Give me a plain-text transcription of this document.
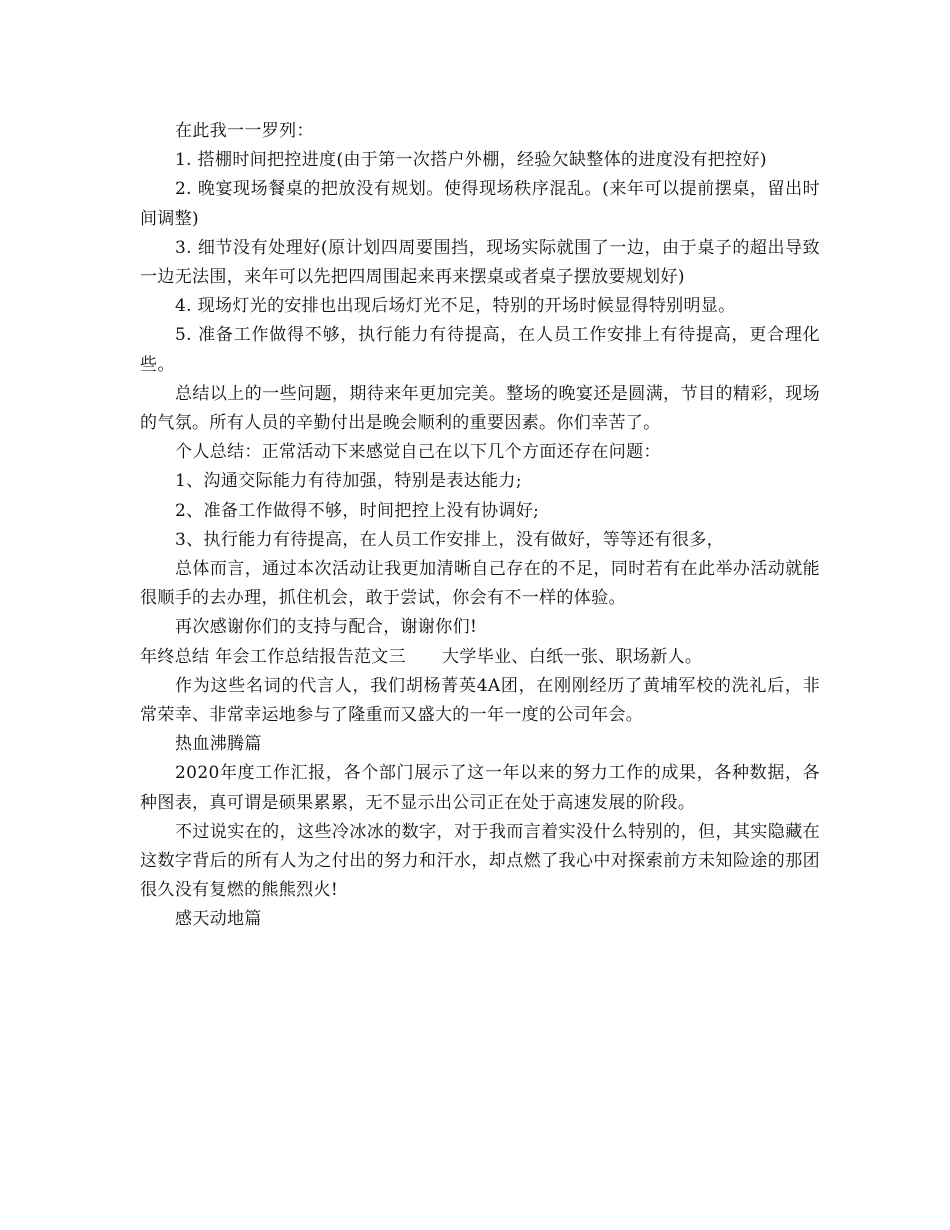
在此我一一罗列：

1. 搭棚时间把控进度(由于第一次搭户外棚，经验欠缺整体的进度没有把控好)

2. 晚宴现场餐桌的把放没有规划。使得现场秩序混乱。(来年可以提前摆桌，留出时间调整)

3. 细节没有处理好(原计划四周要围挡，现场实际就围了一边，由于桌子的超出导致一边无法围，来年可以先把四周围起来再来摆桌或者桌子摆放要规划好)

4. 现场灯光的安排也出现后场灯光不足，特别的开场时候显得特别明显。

5. 准备工作做得不够，执行能力有待提高，在人员工作安排上有待提高，更合理化些。

总结以上的一些问题，期待来年更加完美。整场的晚宴还是圆满，节目的精彩，现场的气氛。所有人员的辛勤付出是晚会顺利的重要因素。你们幸苦了。

个人总结：正常活动下来感觉自己在以下几个方面还存在问题：

1、沟通交际能力有待加强，特别是表达能力;

2、准备工作做得不够，时间把控上没有协调好;

3、执行能力有待提高，在人员工作安排上，没有做好，等等还有很多，

总体而言，通过本次活动让我更加清晰自己存在的不足，同时若有在此举办活动就能很顺手的去办理，抓住机会，敢于尝试，你会有不一样的体验。

再次感谢你们的支持与配合，谢谢你们!

年终总结 年会工作总结报告范文三 大学毕业、白纸一张、职场新人。

作为这些名词的代言人，我们胡杨菁英4A团，在刚刚经历了黄埔军校的洗礼后，非常荣幸、非常幸运地参与了隆重而又盛大的一年一度的公司年会。

热血沸腾篇

2020年度工作汇报，各个部门展示了这一年以来的努力工作的成果，各种数据，各种图表，真可谓是硕果累累，无不显示出公司正在处于高速发展的阶段。

不过说实在的，这些冷冰冰的数字，对于我而言着实没什么特别的，但，其实隐藏在这数字背后的所有人为之付出的努力和汗水，却点燃了我心中对探索前方未知险途的那团很久没有复燃的熊熊烈火!

感天动地篇
